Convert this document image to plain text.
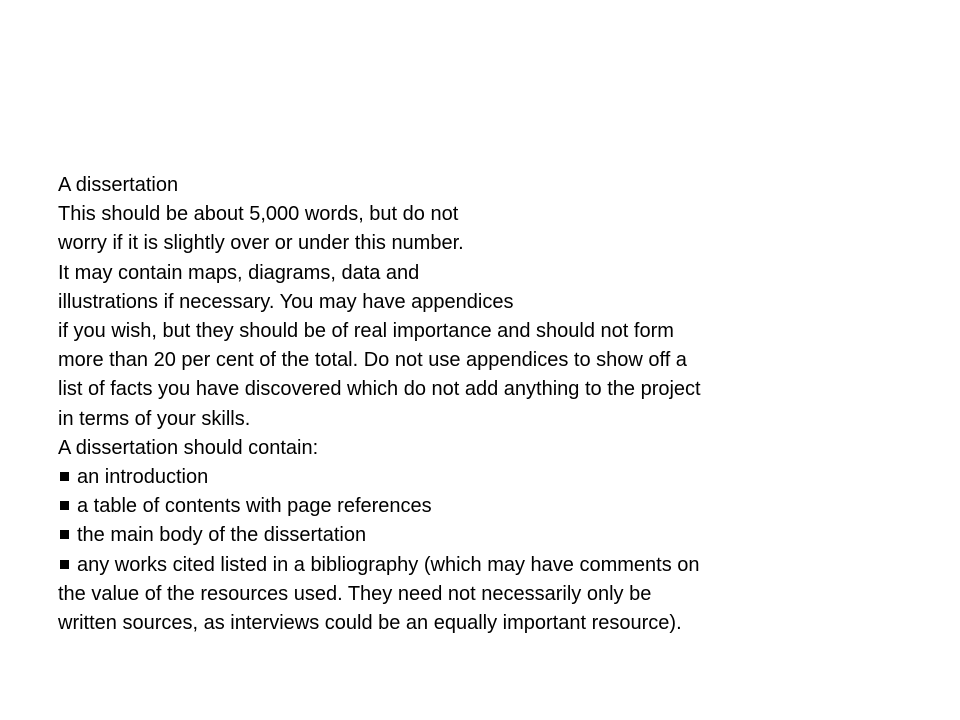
A dissertation
This should be about 5,000 words, but do not
worry if it is slightly over or under this number.
It may contain maps, diagrams, data and
illustrations if necessary. You may have appendices
if you wish, but they should be of real importance and should not form
more than 20 per cent of the total. Do not use appendices to show off a
list of facts you have discovered which do not add anything to the project
in terms of your skills.
A dissertation should contain:
an introduction
a table of contents with page references
the main body of the dissertation
any works cited listed in a bibliography (which may have comments on
the value of the resources used. They need not necessarily only be
written sources, as interviews could be an equally important resource).
